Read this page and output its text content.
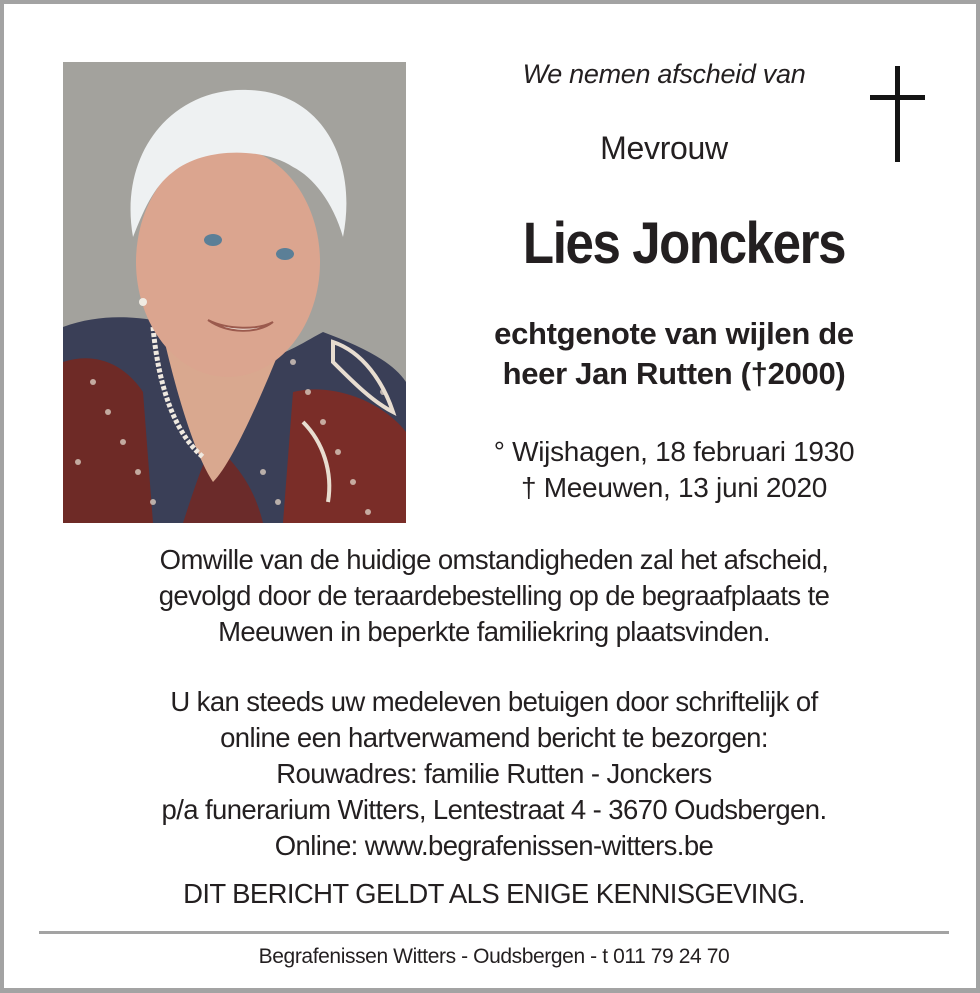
We nemen afscheid van
Mevrouw
Lies Jonckers
echtgenote van wijlen de
heer Jan Rutten (†2000)
° Wijshagen, 18 februari 1930
† Meeuwen, 13 juni 2020
Omwille van de huidige omstandigheden zal het afscheid,
gevolgd door de teraardebestelling op de begraafplaats te
Meeuwen in beperkte familiekring plaatsvinden.
U kan steeds uw medeleven betuigen door schriftelijk of
online een hartverwamend bericht te bezorgen:
Rouwadres: familie Rutten - Jonckers
p/a funerarium Witters, Lentestraat 4 - 3670 Oudsbergen.
Online: www.begrafenissen-witters.be
DIT BERICHT GELDT ALS ENIGE KENNISGEVING.
Begrafenissen Witters - Oudsbergen - t 011 79 24 70
